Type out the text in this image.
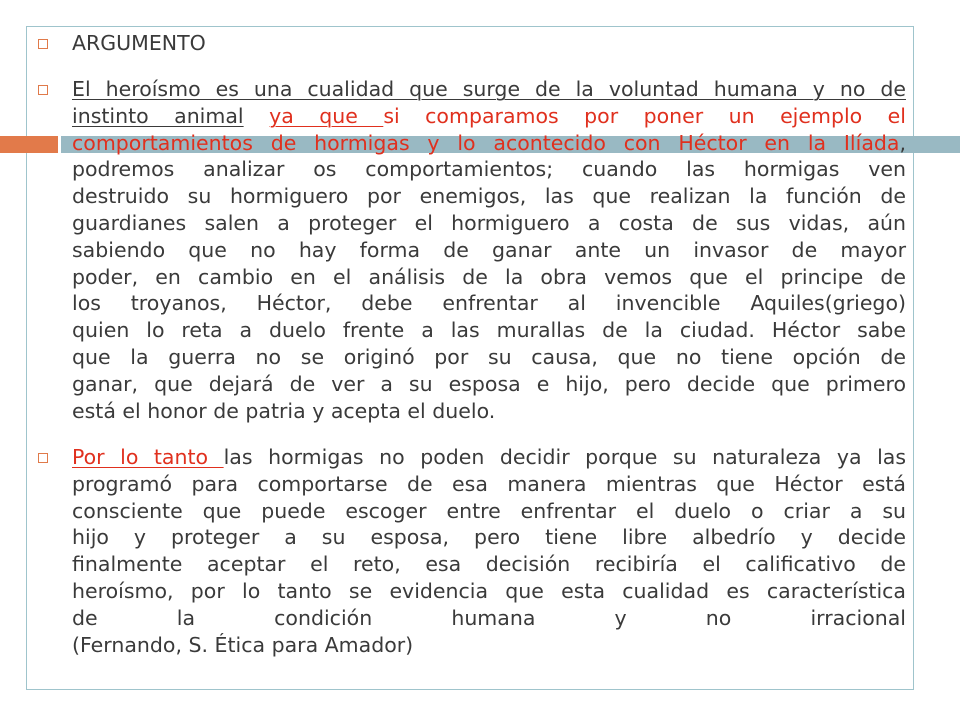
ARGUMENTO
El heroísmo es una cualidad que surge de la voluntad humana y no de
instinto animal ya que si comparamos por poner un ejemplo el
comportamientos de hormigas y lo acontecido con Héctor en la Ilíada,
podremos analizar os comportamientos; cuando las hormigas ven
destruido su hormiguero por enemigos, las que realizan la función de
guardianes salen a proteger el hormiguero a costa de sus vidas, aún
sabiendo que no hay forma de ganar ante un invasor de mayor
poder, en cambio en el análisis de la obra vemos que el principe de
los troyanos, Héctor, debe enfrentar al invencible Aquiles(griego)
quien lo reta a duelo frente a las murallas de la ciudad. Héctor sabe
que la guerra no se originó por su causa, que no tiene opción de
ganar, que dejará de ver a su esposa e hijo, pero decide que primero
está el honor de patria y acepta el duelo.
Por lo tanto las hormigas no poden decidir porque su naturaleza ya las
programó para comportarse de esa manera mientras que Héctor está
consciente que puede escoger entre enfrentar el duelo o criar a su
hijo y proteger a su esposa, pero tiene libre albedrío y decide
finalmente aceptar el reto, esa decisión recibiría el calificativo de
heroísmo, por lo tanto se evidencia que esta cualidad es característica
de la condición humana y no irracional
(Fernando, S. Ética para Amador)
